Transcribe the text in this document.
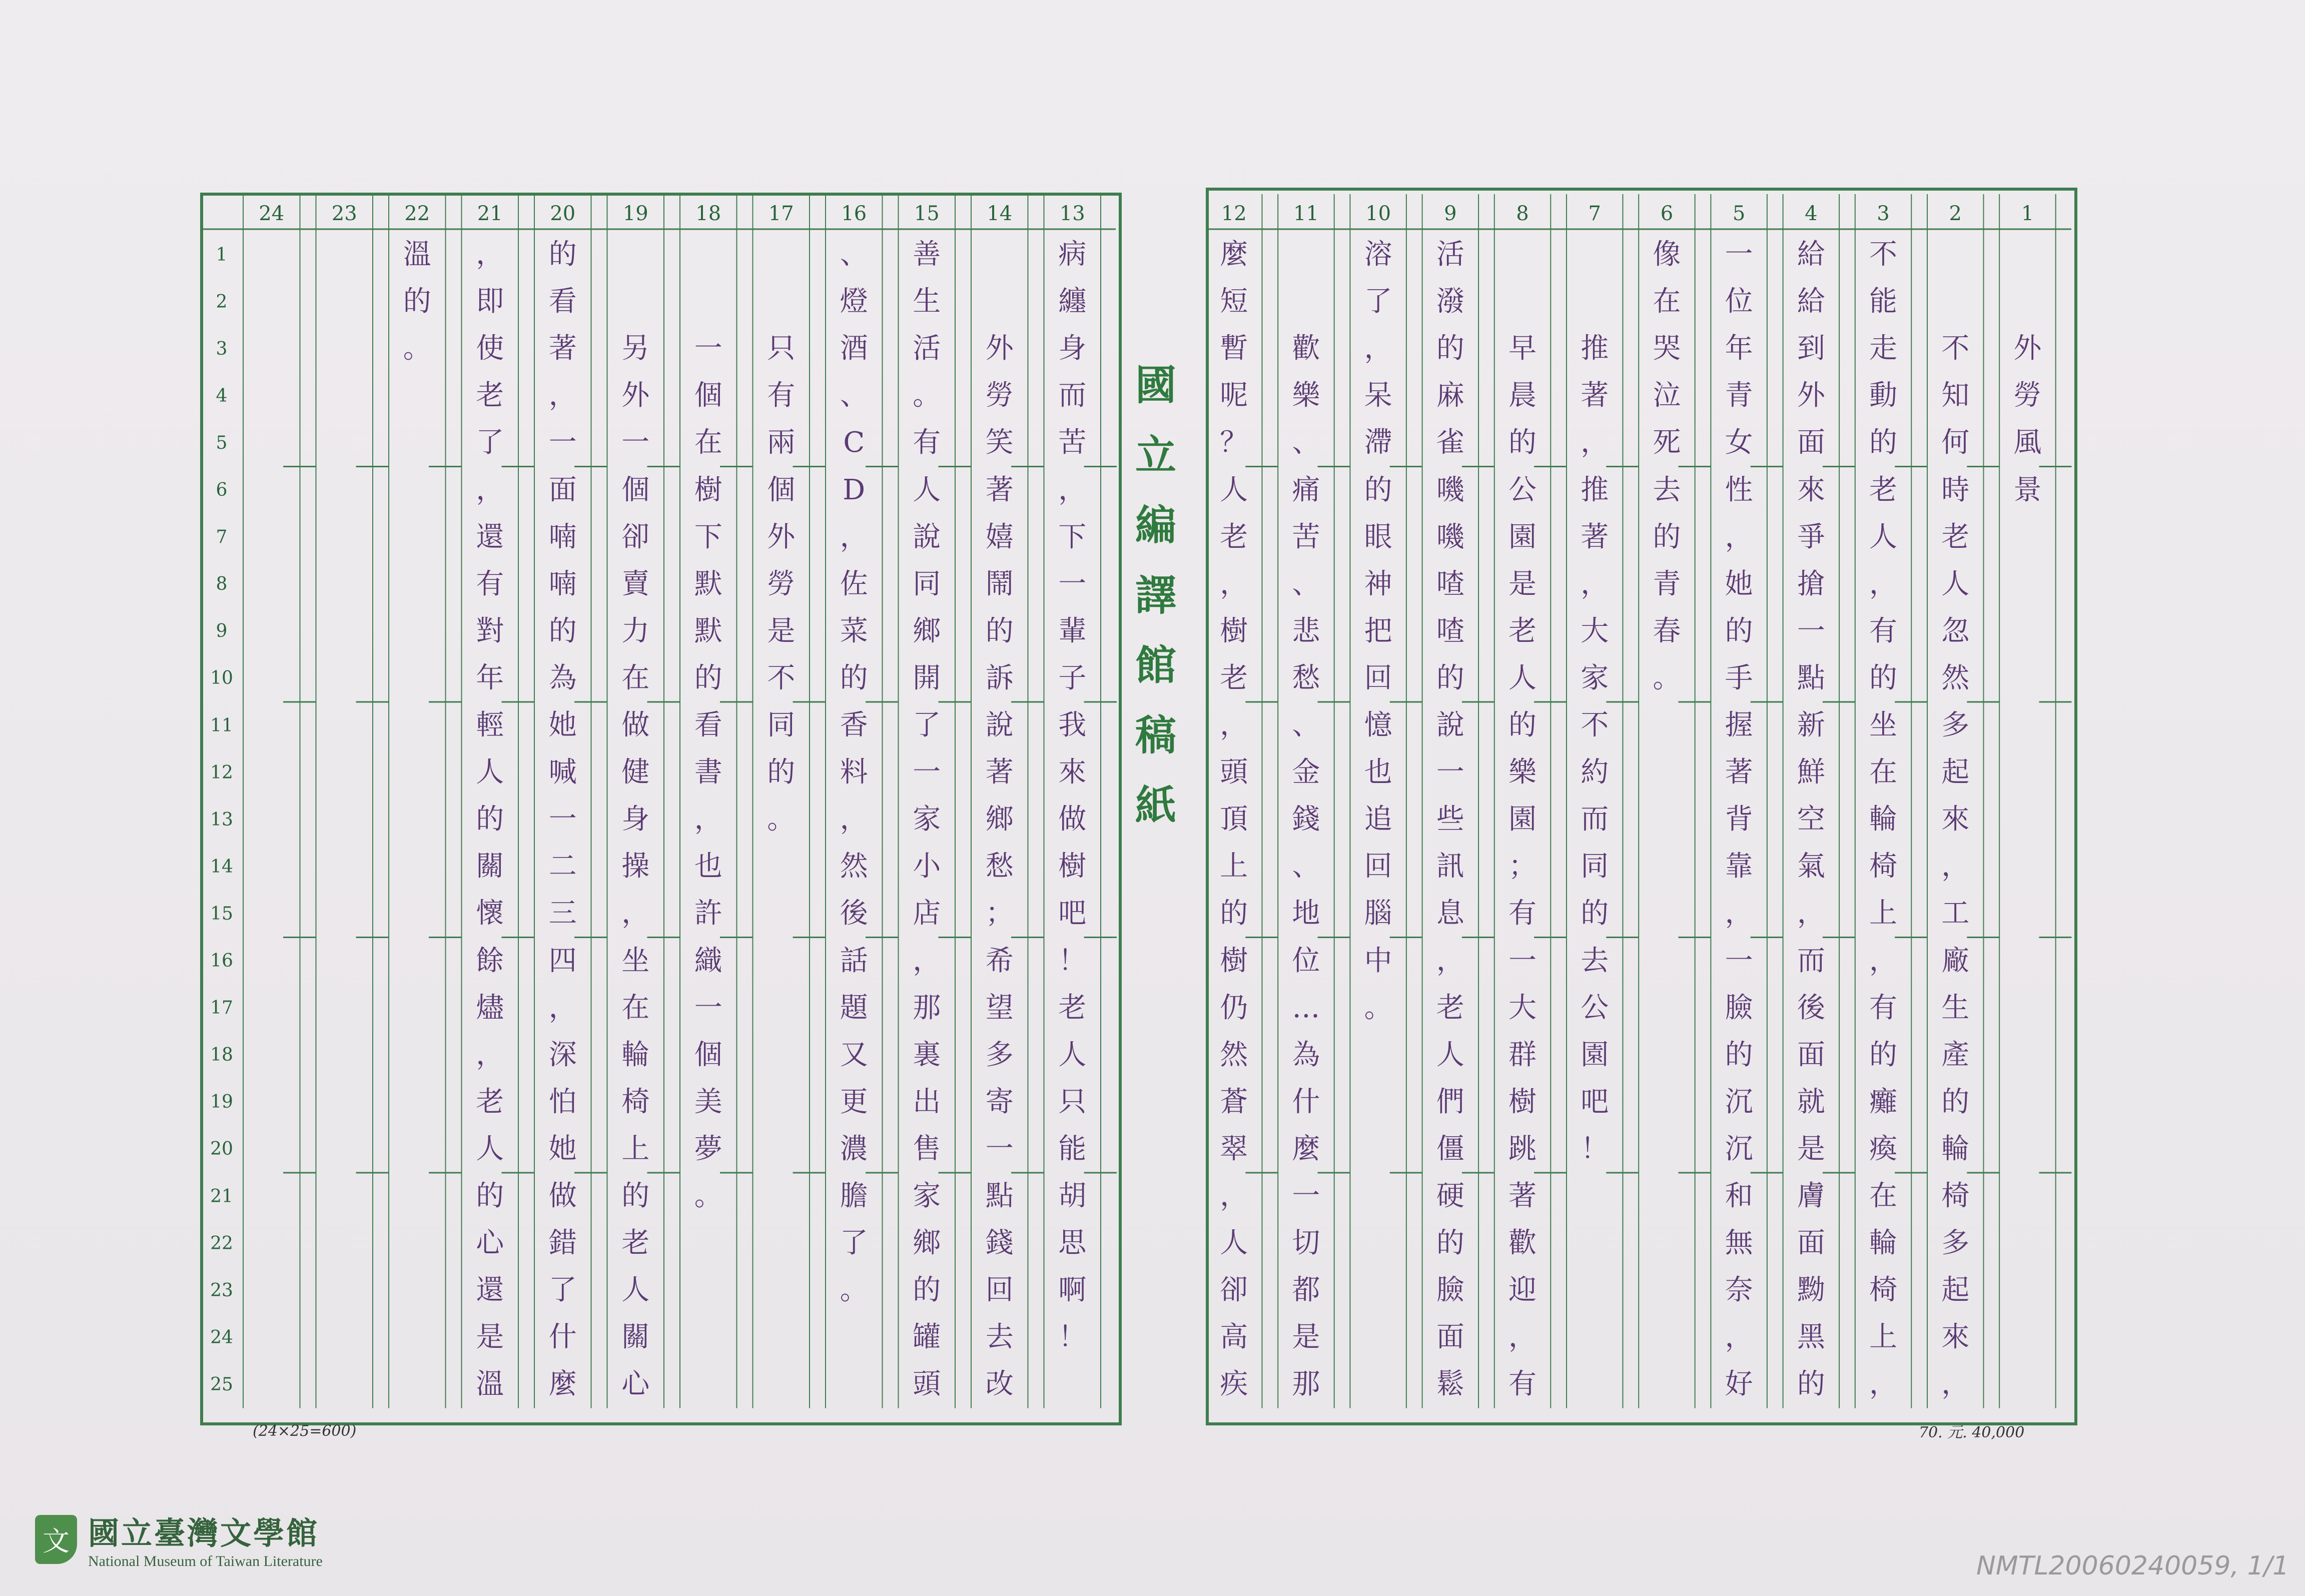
國
立
編
譯
館
稿
紙
(24×25=600)	70. 元. 40,000
文 國立臺灣文學館
National Museum of Taiwan Literature	NMTL20060240059, 1/1
1
2
3
4
5
6
7
8
9
10
11
12
13
14
15
16
17
18
19
20
21
22
23
24
1
2
3
4
5
6
7
8
9
10
11
12
13
14
15
16
17
18
19
20
21
22
23
24
25
外
勞
風
景
不
知
何
時
老
人
忽
然
多
起
來
，
工
廠
生
產
的
輪
椅
多
起
來
，
不
能
走
動
的
老
人
，
有
的
坐
在
輪
椅
上
，
有
的
癱
瘓
在
輪
椅
上
，
給
給
到
外
面
來
爭
搶
一
點
新
鮮
空
氣
，
而
後
面
就
是
膚
面
黝
黑
的
一
位
年
青
女
性
，
她
的
手
握
著
背
靠
，
一
臉
的
沉
沉
和
無
奈
，
好
像
在
哭
泣
死
去
的
青
春
。
推
著
，
推
著
，
大
家
不
約
而
同
的
去
公
園
吧
！
早
晨
的
公
園
是
老
人
的
樂
園
；
有
一
大
群
樹
跳
著
歡
迎
，
有
活
潑
的
麻
雀
嘰
嘰
喳
喳
的
說
一
些
訊
息
，
老
人
們
僵
硬
的
臉
面
鬆
溶
了
，
呆
滯
的
眼
神
把
回
憶
也
追
回
腦
中
。
歡
樂
、
痛
苦
、
悲
愁
、
金
錢
、
地
位
…
為
什
麼
一
切
都
是
那
麼
短
暫
呢
？
人
老
，
樹
老
，
頭
頂
上
的
樹
仍
然
蒼
翠
，
人
卻
高
疾
病
纏
身
而
苦
，
下
一
輩
子
我
來
做
樹
吧
！
老
人
只
能
胡
思
啊
！
外
勞
笑
著
嬉
鬧
的
訴
說
著
鄉
愁
；
希
望
多
寄
一
點
錢
回
去
改
善
生
活
。
有
人
說
同
鄉
開
了
一
家
小
店
，
那
裏
出
售
家
鄉
的
罐
頭
、
燈
酒
、
C
D
，
佐
菜
的
香
料
，
然
後
話
題
又
更
濃
膽
了
。
只
有
兩
個
外
勞
是
不
同
的
。
一
個
在
樹
下
默
默
的
看
書
，
也
許
織
一
個
美
夢
。
另
外
一
個
卻
賣
力
在
做
健
身
操
，
坐
在
輪
椅
上
的
老
人
關
心
的
看
著
，
一
面
喃
喃
的
為
她
喊
一
二
三
四
，
深
怕
她
做
錯
了
什
麼
，
即
使
老
了
，
還
有
對
年
輕
人
的
關
懷
餘
燼
，
老
人
的
心
還
是
溫
溫
的
。
